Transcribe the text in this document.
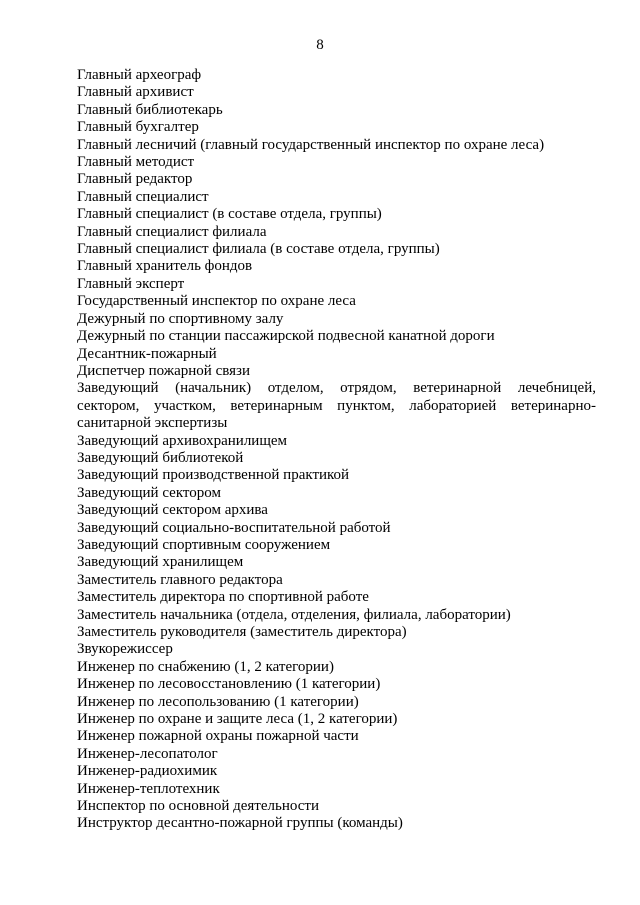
8

Главный археограф

Главный архивист

Главный библиотекарь

Главный бухгалтер

Главный лесничий (главный государственный инспектор по охране леса)

Главный методист

Главный редактор

Главный специалист

Главный специалист (в составе отдела, группы)

Главный специалист филиала

Главный специалист филиала (в составе отдела, группы)

Главный хранитель фондов

Главный эксперт

Государственный инспектор по охране леса

Дежурный по спортивному залу

Дежурный по станции пассажирской подвесной канатной дороги

Десантник-пожарный

Диспетчер пожарной связи

Заведующий (начальник) отделом, отрядом, ветеринарной лечебницей, сектором, участком, ветеринарным пунктом, лабораторией ветеринарно-санитарной экспертизы

Заведующий архивохранилищем

Заведующий библиотекой

Заведующий производственной практикой

Заведующий сектором

Заведующий сектором архива

Заведующий социально-воспитательной работой

Заведующий спортивным сооружением

Заведующий хранилищем

Заместитель главного редактора

Заместитель директора по спортивной работе

Заместитель начальника (отдела, отделения, филиала, лаборатории)

Заместитель руководителя (заместитель директора)

Звукорежиссер

Инженер по снабжению (1, 2 категории)

Инженер по лесовосстановлению (1 категории)

Инженер по лесопользованию (1 категории)

Инженер по охране и защите леса (1, 2 категории)

Инженер пожарной охраны пожарной части

Инженер-лесопатолог

Инженер-радиохимик

Инженер-теплотехник

Инспектор по основной деятельности

Инструктор десантно-пожарной группы (команды)
